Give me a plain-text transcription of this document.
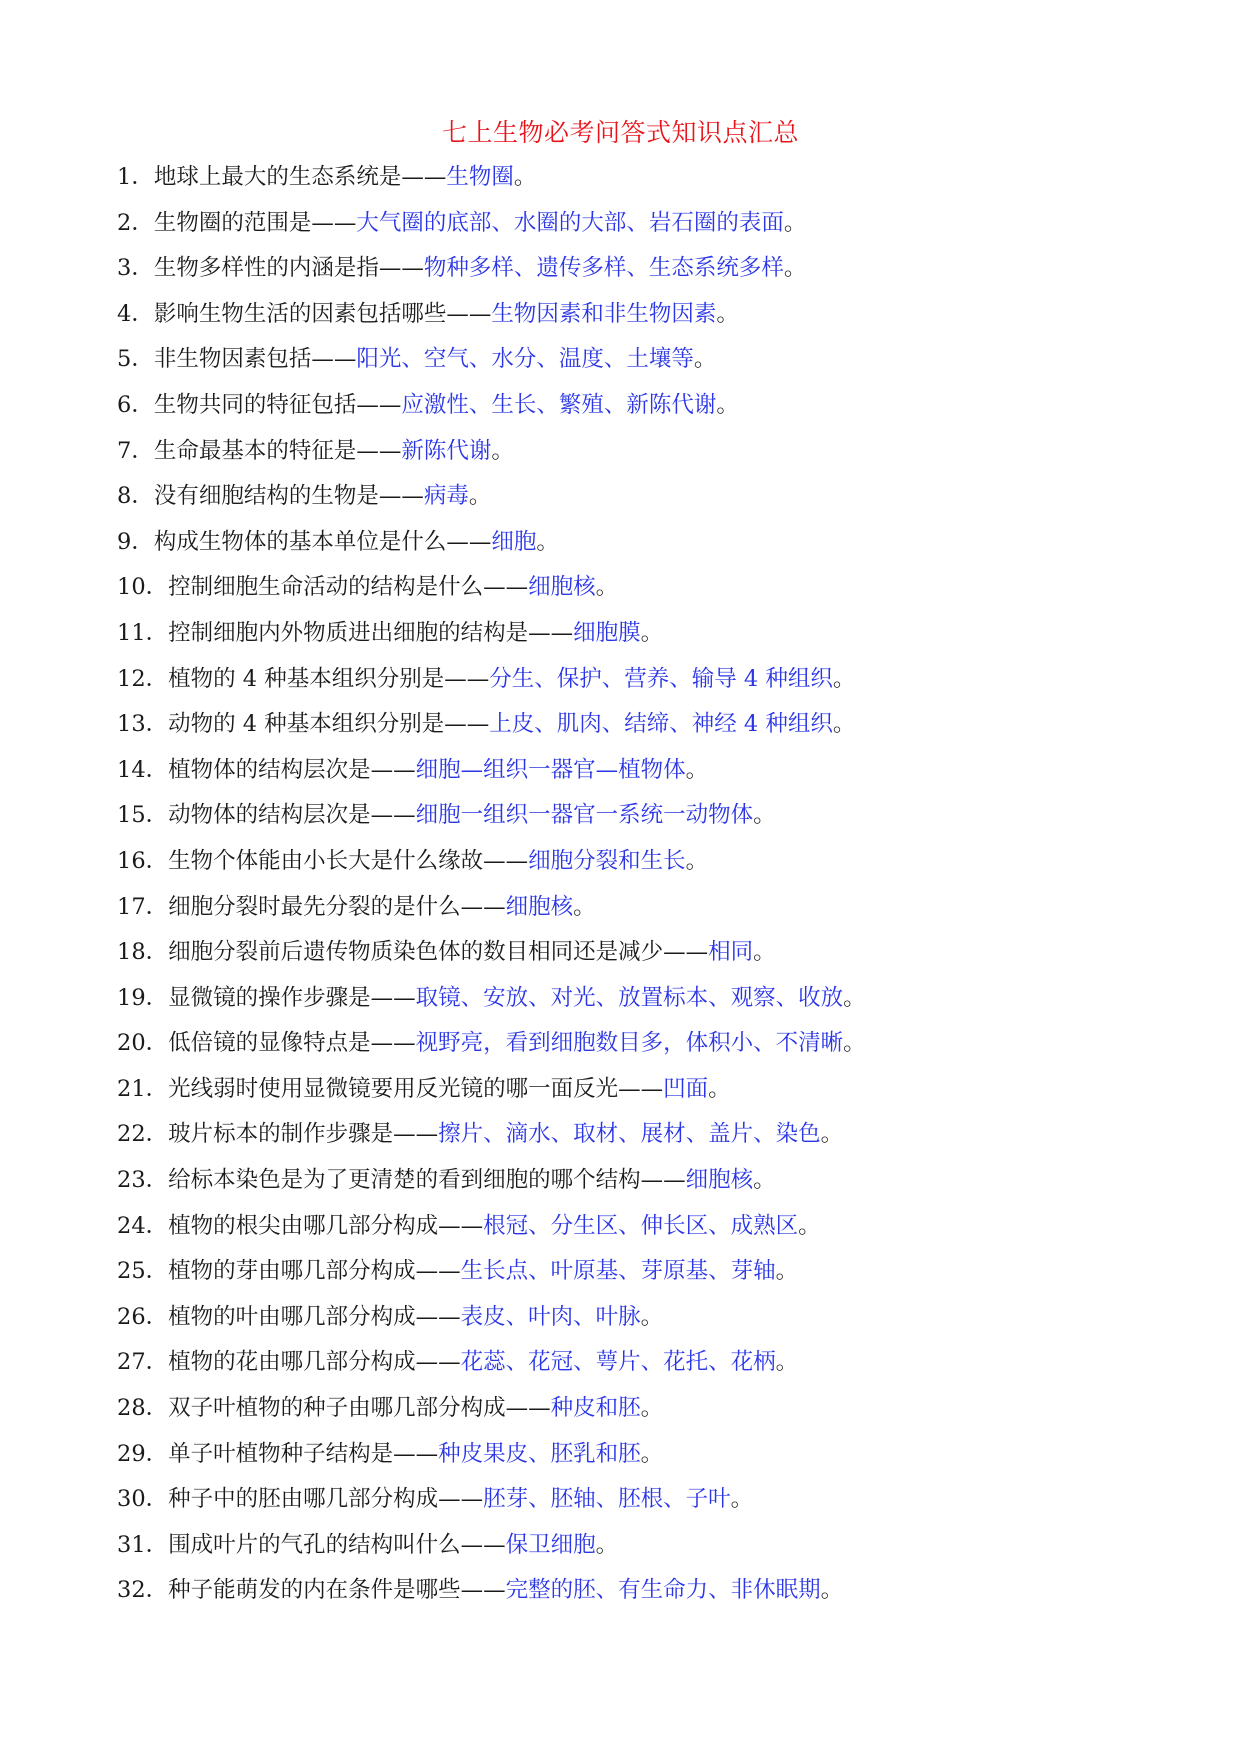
七上生物必考问答式知识点汇总
1．地球上最大的生态系统是——生物圈。
2．生物圈的范围是——大气圈的底部、水圈的大部、岩石圈的表面。
3．生物多样性的内涵是指——物种多样、遗传多样、生态系统多样。
4．影响生物生活的因素包括哪些——生物因素和非生物因素。
5．非生物因素包括——阳光、空气、水分、温度、土壤等。
6．生物共同的特征包括——应激性、生长、繁殖、新陈代谢。
7．生命最基本的特征是——新陈代谢。
8．没有细胞结构的生物是——病毒。
9．构成生物体的基本单位是什么——细胞。
10．控制细胞生命活动的结构是什么——细胞核。
11．控制细胞内外物质进出细胞的结构是——细胞膜。
12．植物的 4 种基本组织分别是——分生、保护、营养、输导 4 种组织。
13．动物的 4 种基本组织分别是——上皮、肌肉、结缔、神经 4 种组织。
14．植物体的结构层次是——细胞—组织一器官—植物体。
15．动物体的结构层次是——细胞一组织一器官一系统一动物体。
16．生物个体能由小长大是什么缘故——细胞分裂和生长。
17．细胞分裂时最先分裂的是什么——细胞核。
18．细胞分裂前后遗传物质染色体的数目相同还是减少——相同。
19．显微镜的操作步骤是——取镜、安放、对光、放置标本、观察、收放。
20．低倍镜的显像特点是——视野亮，看到细胞数目多，体积小、不清晰。
21．光线弱时使用显微镜要用反光镜的哪一面反光——凹面。
22．玻片标本的制作步骤是——擦片、滴水、取材、展材、盖片、染色。
23．给标本染色是为了更清楚的看到细胞的哪个结构——细胞核。
24．植物的根尖由哪几部分构成——根冠、分生区、伸长区、成熟区。
25．植物的芽由哪几部分构成——生长点、叶原基、芽原基、芽轴。
26．植物的叶由哪几部分构成——表皮、叶肉、叶脉。
27．植物的花由哪几部分构成——花蕊、花冠、萼片、花托、花柄。
28．双子叶植物的种子由哪几部分构成——种皮和胚。
29．单子叶植物种子结构是——种皮果皮、胚乳和胚。
30．种子中的胚由哪几部分构成——胚芽、胚轴、胚根、子叶。
31．围成叶片的气孔的结构叫什么——保卫细胞。
32．种子能萌发的内在条件是哪些——完整的胚、有生命力、非休眠期。
